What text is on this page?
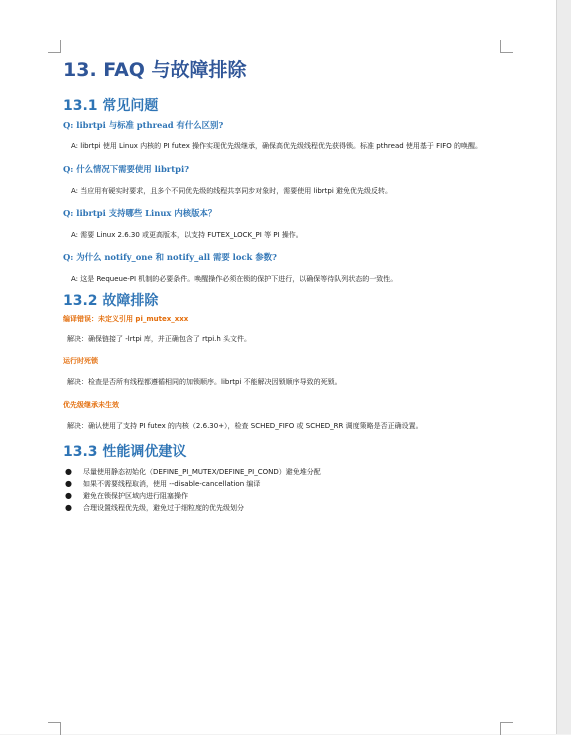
13. FAQ 与故障排除
13.1 常见问题

Q: librtpi 与标准 pthread 有什么区别?

A: librtpi 使用 Linux 内核的 PI futex 操作实现优先级继承，确保高优先级线程优先获得锁。标准 pthread 使用基于 FIFO 的唤醒。

Q: 什么情况下需要使用 librtpi?

A: 当应用有硬实时要求，且多个不同优先级的线程共享同步对象时，需要使用 librtpi 避免优先级反转。

Q: librtpi 支持哪些 Linux 内核版本？

A: 需要 Linux 2.6.30 或更高版本，以支持 FUTEX_LOCK_PI 等 PI 操作。

Q: 为什么 notify_one 和 notify_all 需要 lock 参数?

A: 这是 Requeue-PI 机制的必要条件。唤醒操作必须在锁的保护下进行，以确保等待队列状态的一致性。

13.2 故障排除

编译错误：未定义引用 pi_mutex_xxx

解决：确保链接了 -lrtpi 库，并正确包含了 rtpi.h 头文件。

运行时死锁

解决：检查是否所有线程都遵循相同的加锁顺序。librtpi 不能解决因锁顺序导致的死锁。

优先级继承未生效

解决：确认使用了支持 PI futex 的内核（2.6.30+），检查 SCHED_FIFO 或 SCHED_RR 调度策略是否正确设置。

13.3 性能调优建议
● 尽量使用静态初始化（DEFINE_PI_MUTEX/DEFINE_PI_COND）避免堆分配
● 如果不需要线程取消，使用 --disable-cancellation 编译
● 避免在锁保护区域内进行阻塞操作
● 合理设置线程优先级，避免过于细粒度的优先级划分
